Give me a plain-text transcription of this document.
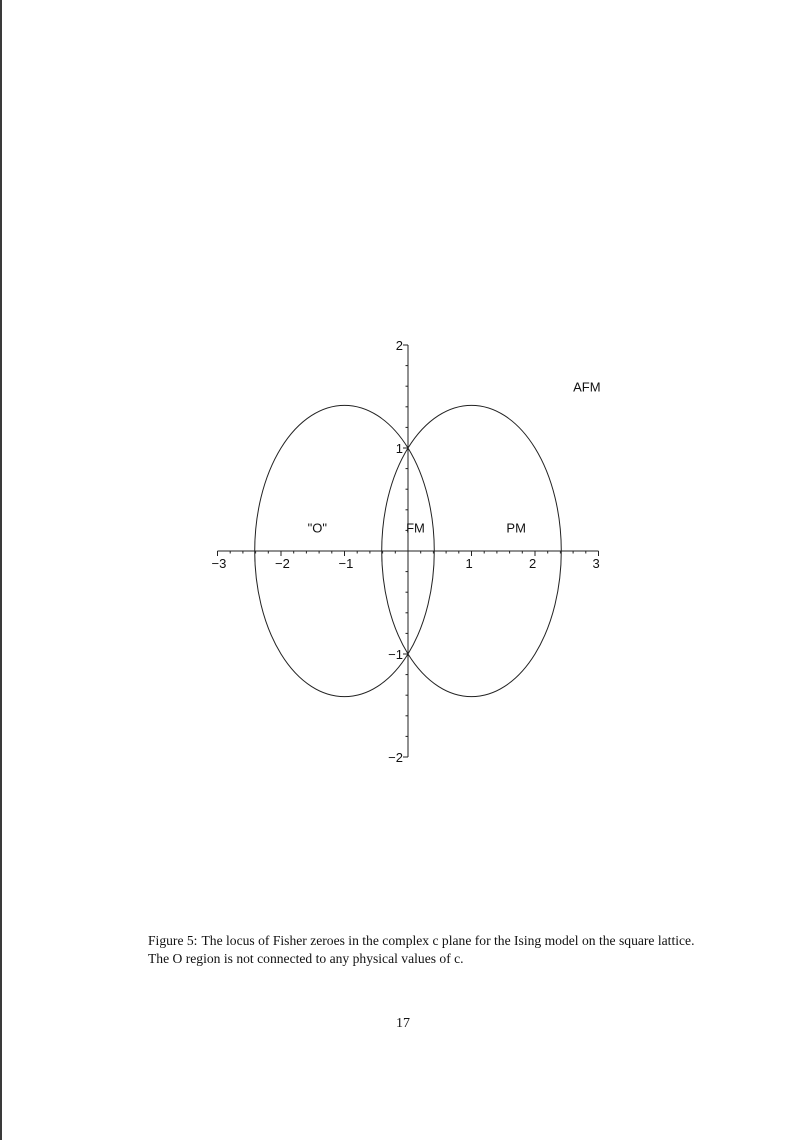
−3	−2	−1	1	2	3
−2
−1
1
2
AFM
"O"	FM	PM
Figure 5: The locus of Fisher zeroes in the complex c plane for the Ising model on the square lattice.
The O region is not connected to any physical values of c.
17
